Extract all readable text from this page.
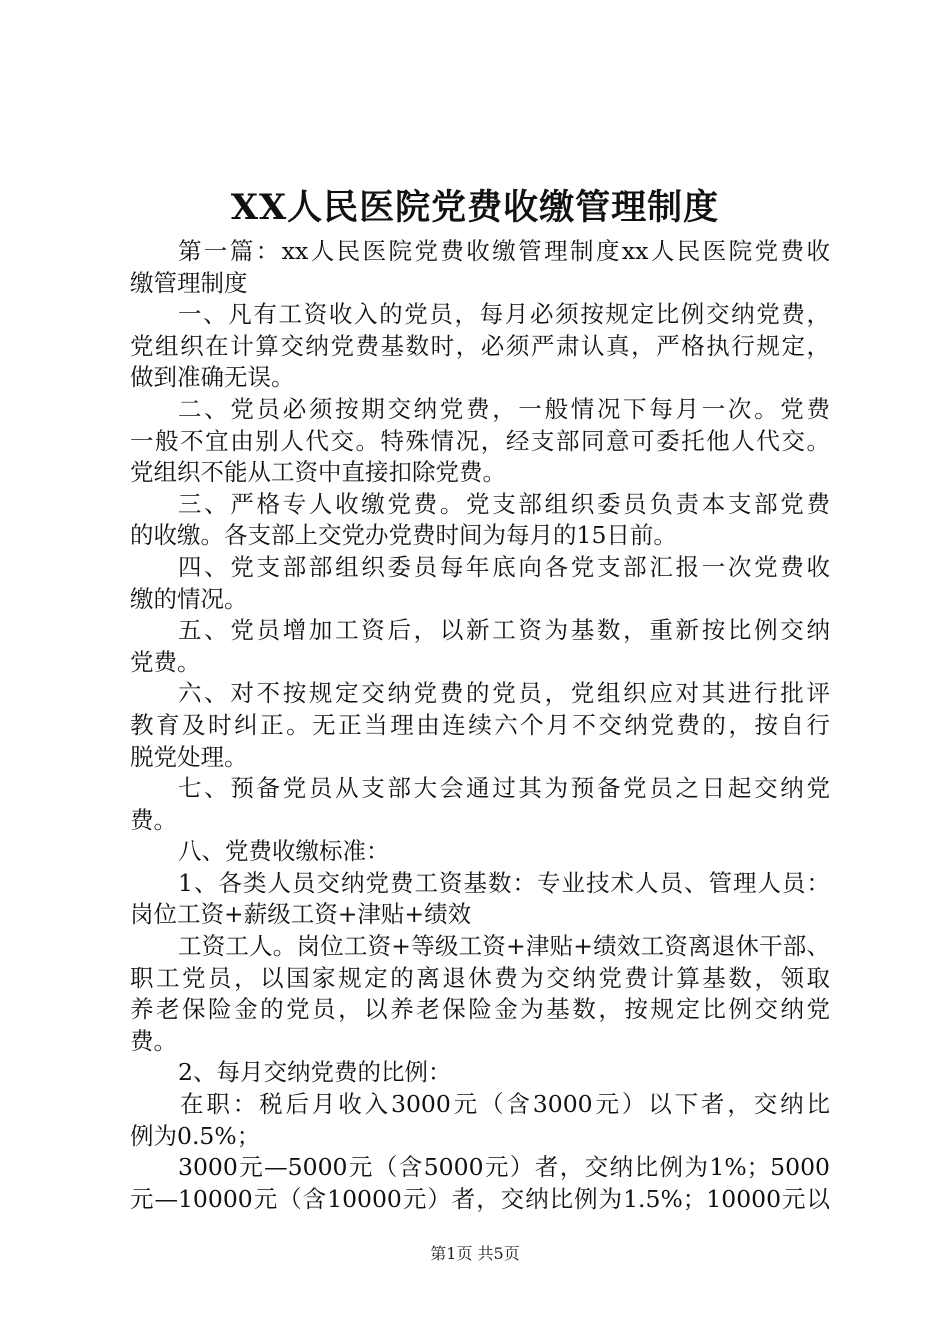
XX人民医院党费收缴管理制度
第一篇：xx人民医院党费收缴管理制度xx人民医院党费收
缴管理制度
一、凡有工资收入的党员，每月必须按规定比例交纳党费，
党组织在计算交纳党费基数时，必须严肃认真，严格执行规定，
做到准确无误。
二、党员必须按期交纳党费，一般情况下每月一次。党费
一般不宜由别人代交。特殊情况，经支部同意可委托他人代交。
党组织不能从工资中直接扣除党费。
三、严格专人收缴党费。党支部组织委员负责本支部党费
的收缴。各支部上交党办党费时间为每月的15日前。
四、党支部部组织委员每年底向各党支部汇报一次党费收
缴的情况。
五、党员增加工资后，以新工资为基数，重新按比例交纳
党费。
六、对不按规定交纳党费的党员，党组织应对其进行批评
教育及时纠正。无正当理由连续六个月不交纳党费的，按自行
脱党处理。
七、预备党员从支部大会通过其为预备党员之日起交纳党
费。
八、党费收缴标准：
1、各类人员交纳党费工资基数：专业技术人员、管理人员：
岗位工资+薪级工资+津贴+绩效
工资工人。岗位工资+等级工资+津贴+绩效工资离退休干部、
职工党员，以国家规定的离退休费为交纳党费计算基数，领取
养老保险金的党员，以养老保险金为基数，按规定比例交纳党
费。
2、每月交纳党费的比例：
在职：税后月收入3000元（含3000元）以下者，交纳比
例为0.5%；
3000元—5000元（含5000元）者，交纳比例为1%；5000
元—10000元（含10000元）者，交纳比例为1.5%；10000元以
第1页 共5页
